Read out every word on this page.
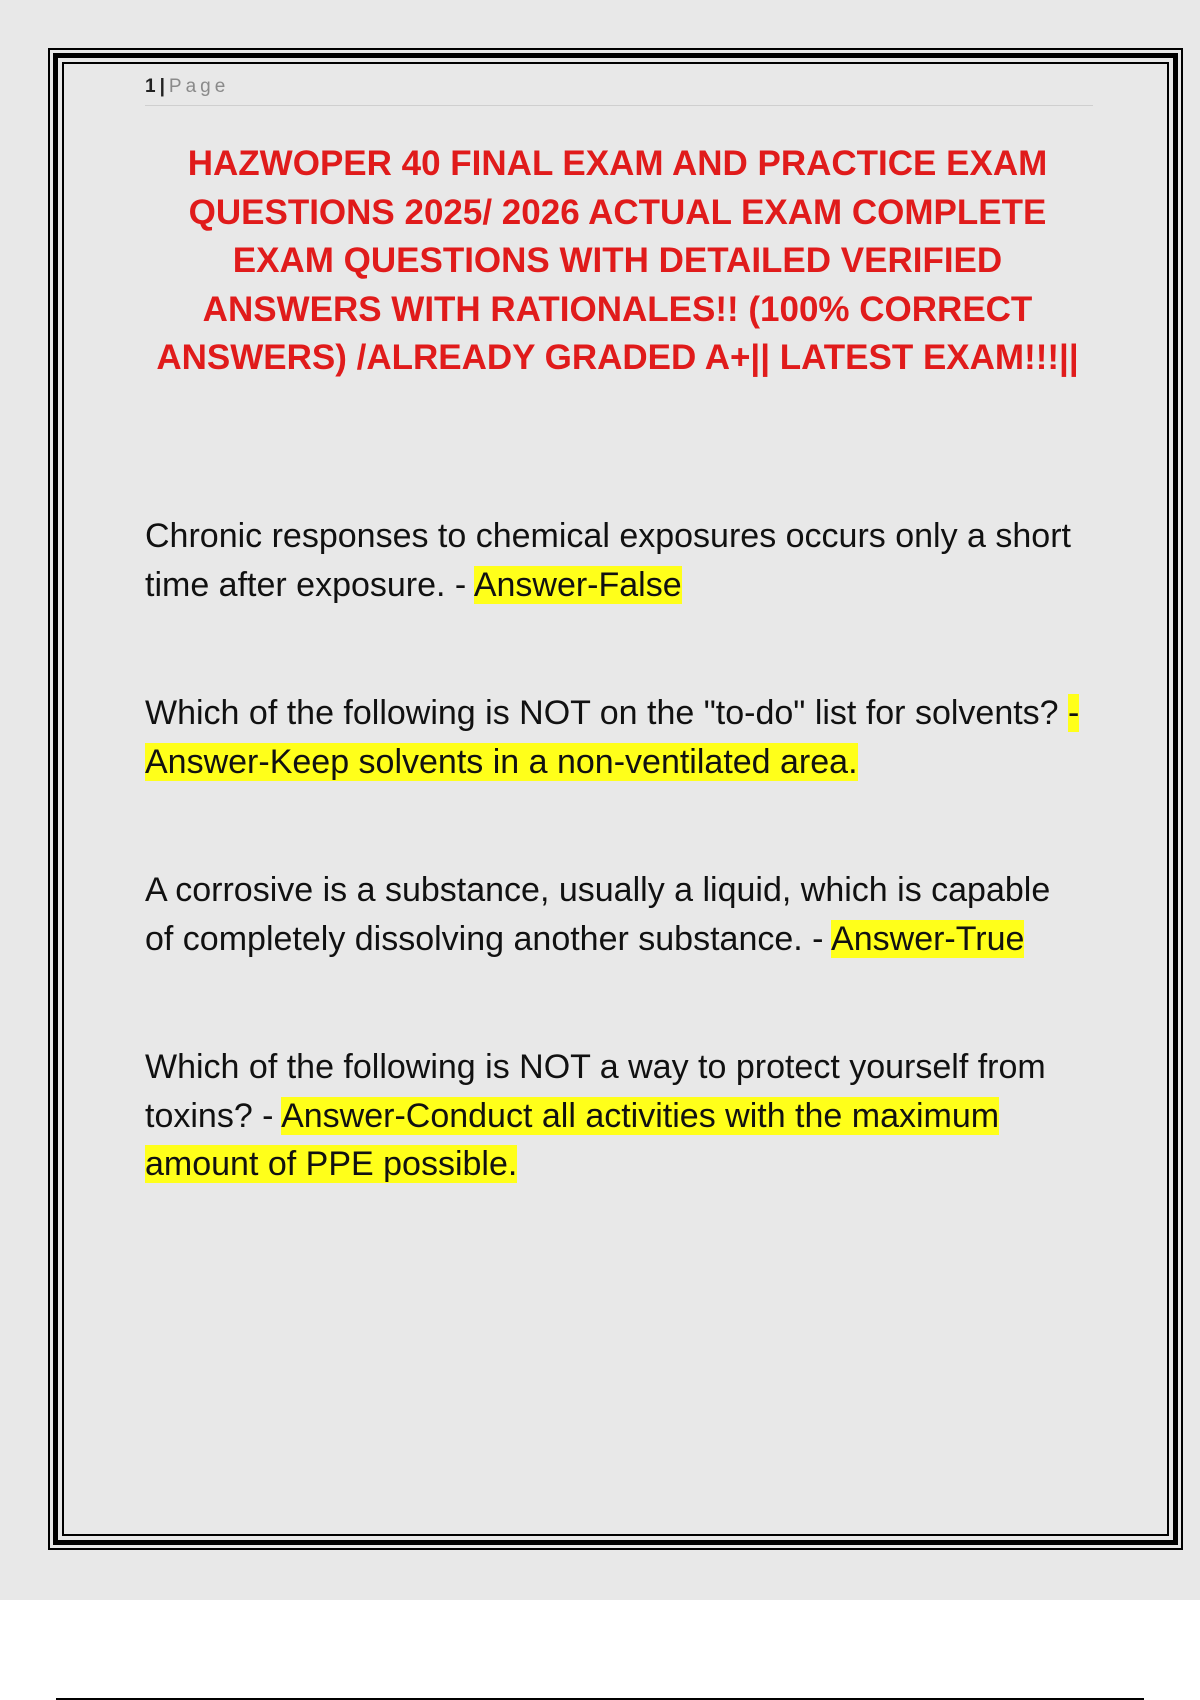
1 | Page
HAZWOPER 40 FINAL EXAM AND PRACTICE EXAM QUESTIONS 2025/ 2026 ACTUAL EXAM COMPLETE EXAM QUESTIONS WITH DETAILED VERIFIED ANSWERS WITH RATIONALES!! (100% CORRECT ANSWERS) /ALREADY GRADED A+|| LATEST EXAM!!!||

Chronic responses to chemical exposures occurs only a short time after exposure. - Answer-False

Which of the following is NOT on the "to-do" list for solvents? - Answer-Keep solvents in a non-ventilated area.

A corrosive is a substance, usually a liquid, which is capable of completely dissolving another substance. - Answer-True

Which of the following is NOT a way to protect yourself from toxins? - Answer-Conduct all activities with the maximum amount of PPE possible.
